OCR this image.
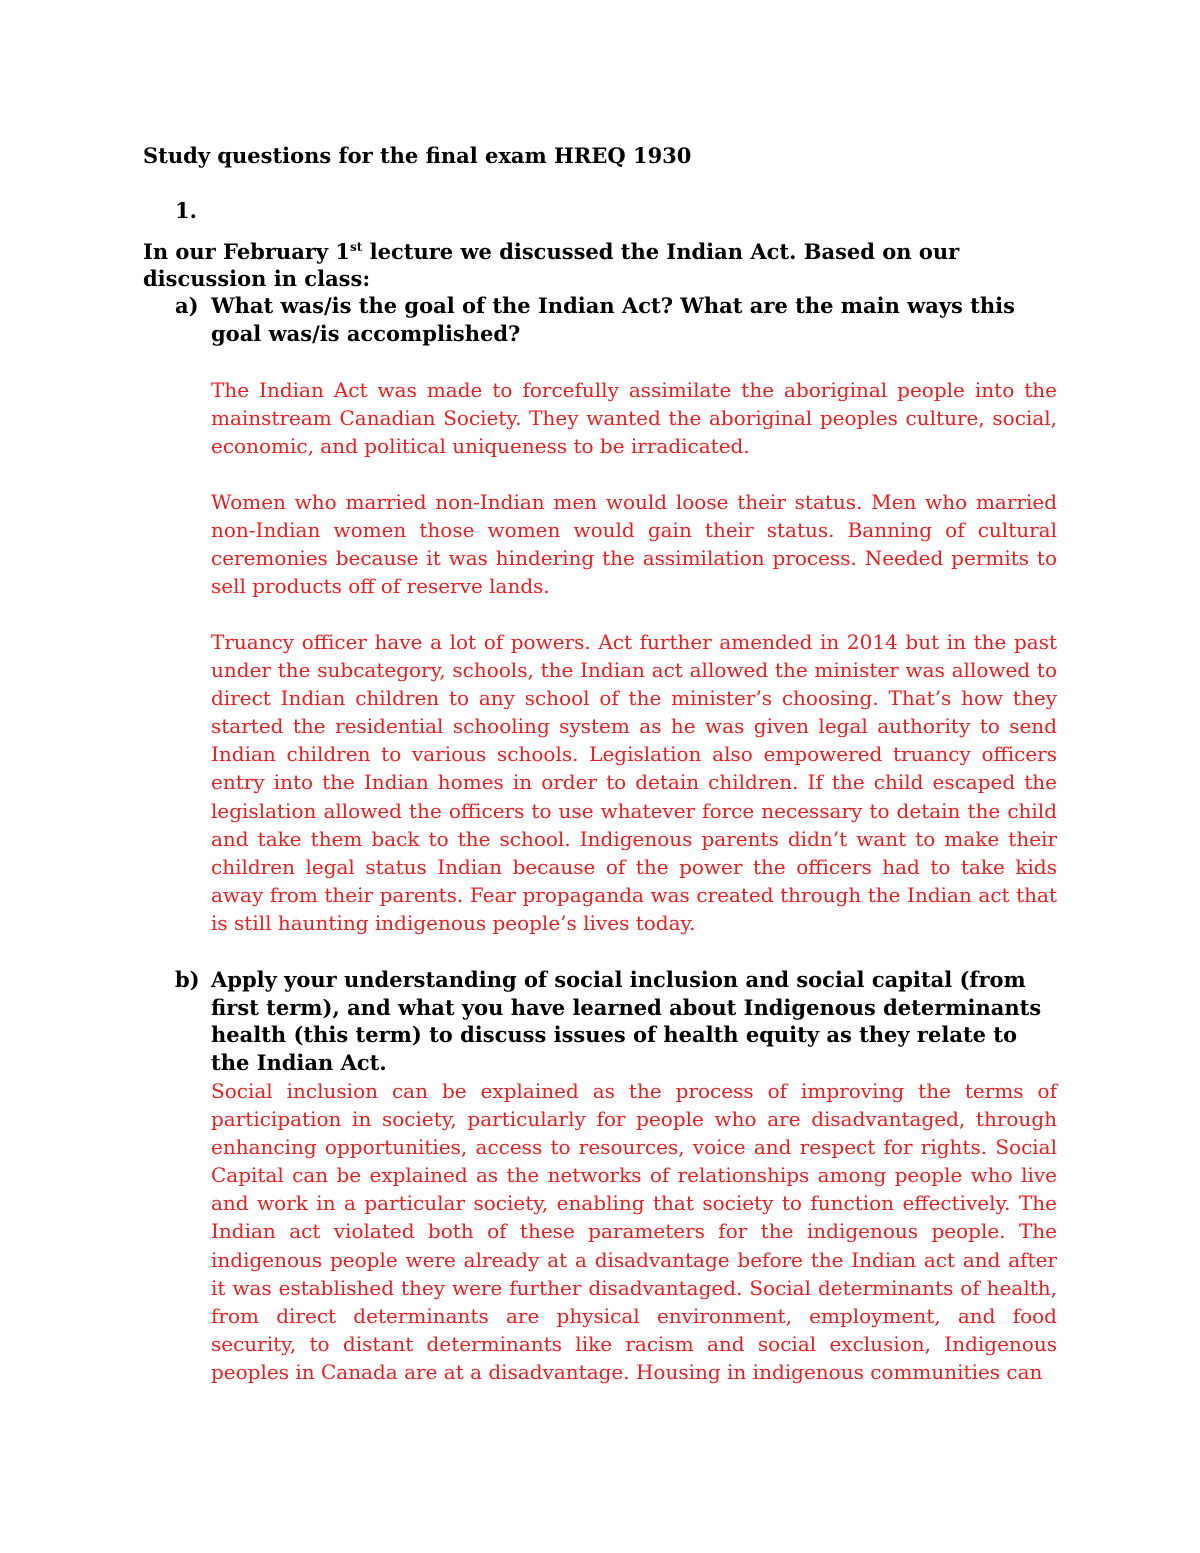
Study questions for the final exam HREQ 1930
1.
In our February 1st lecture we discussed the Indian Act. Based on our discussion in class:
a) What was/is the goal of the Indian Act? What are the main ways this goal was/is accomplished?
The Indian Act was made to forcefully assimilate the aboriginal people into the mainstream Canadian Society. They wanted the aboriginal peoples culture, social, economic, and political uniqueness to be irradicated.
Women who married non-Indian men would loose their status. Men who married non-Indian women those women would gain their status. Banning of cultural ceremonies because it was hindering the assimilation process. Needed permits to sell products off of reserve lands.
Truancy officer have a lot of powers. Act further amended in 2014 but in the past under the subcategory, schools, the Indian act allowed the minister was allowed to direct Indian children to any school of the minister’s choosing. That’s how they started the residential schooling system as he was given legal authority to send Indian children to various schools. Legislation also empowered truancy officers entry into the Indian homes in order to detain children. If the child escaped the legislation allowed the officers to use whatever force necessary to detain the child and take them back to the school. Indigenous parents didn’t want to make their children legal status Indian because of the power the officers had to take kids away from their parents. Fear propaganda was created through the Indian act that is still haunting indigenous people’s lives today.
b) Apply your understanding of social inclusion and social capital (from first term), and what you have learned about Indigenous determinants health (this term) to discuss issues of health equity as they relate to the Indian Act.
Social inclusion can be explained as the process of improving the terms of participation in society, particularly for people who are disadvantaged, through enhancing opportunities, access to resources, voice and respect for rights. Social Capital can be explained as the networks of relationships among people who live and work in a particular society, enabling that society to function effectively. The Indian act violated both of these parameters for the indigenous people. The indigenous people were already at a disadvantage before the Indian act and after it was established they were further disadvantaged. Social determinants of health, from direct determinants are physical environment, employment, and food security, to distant determinants like racism and social exclusion, Indigenous peoples in Canada are at a disadvantage. Housing in indigenous communities can
